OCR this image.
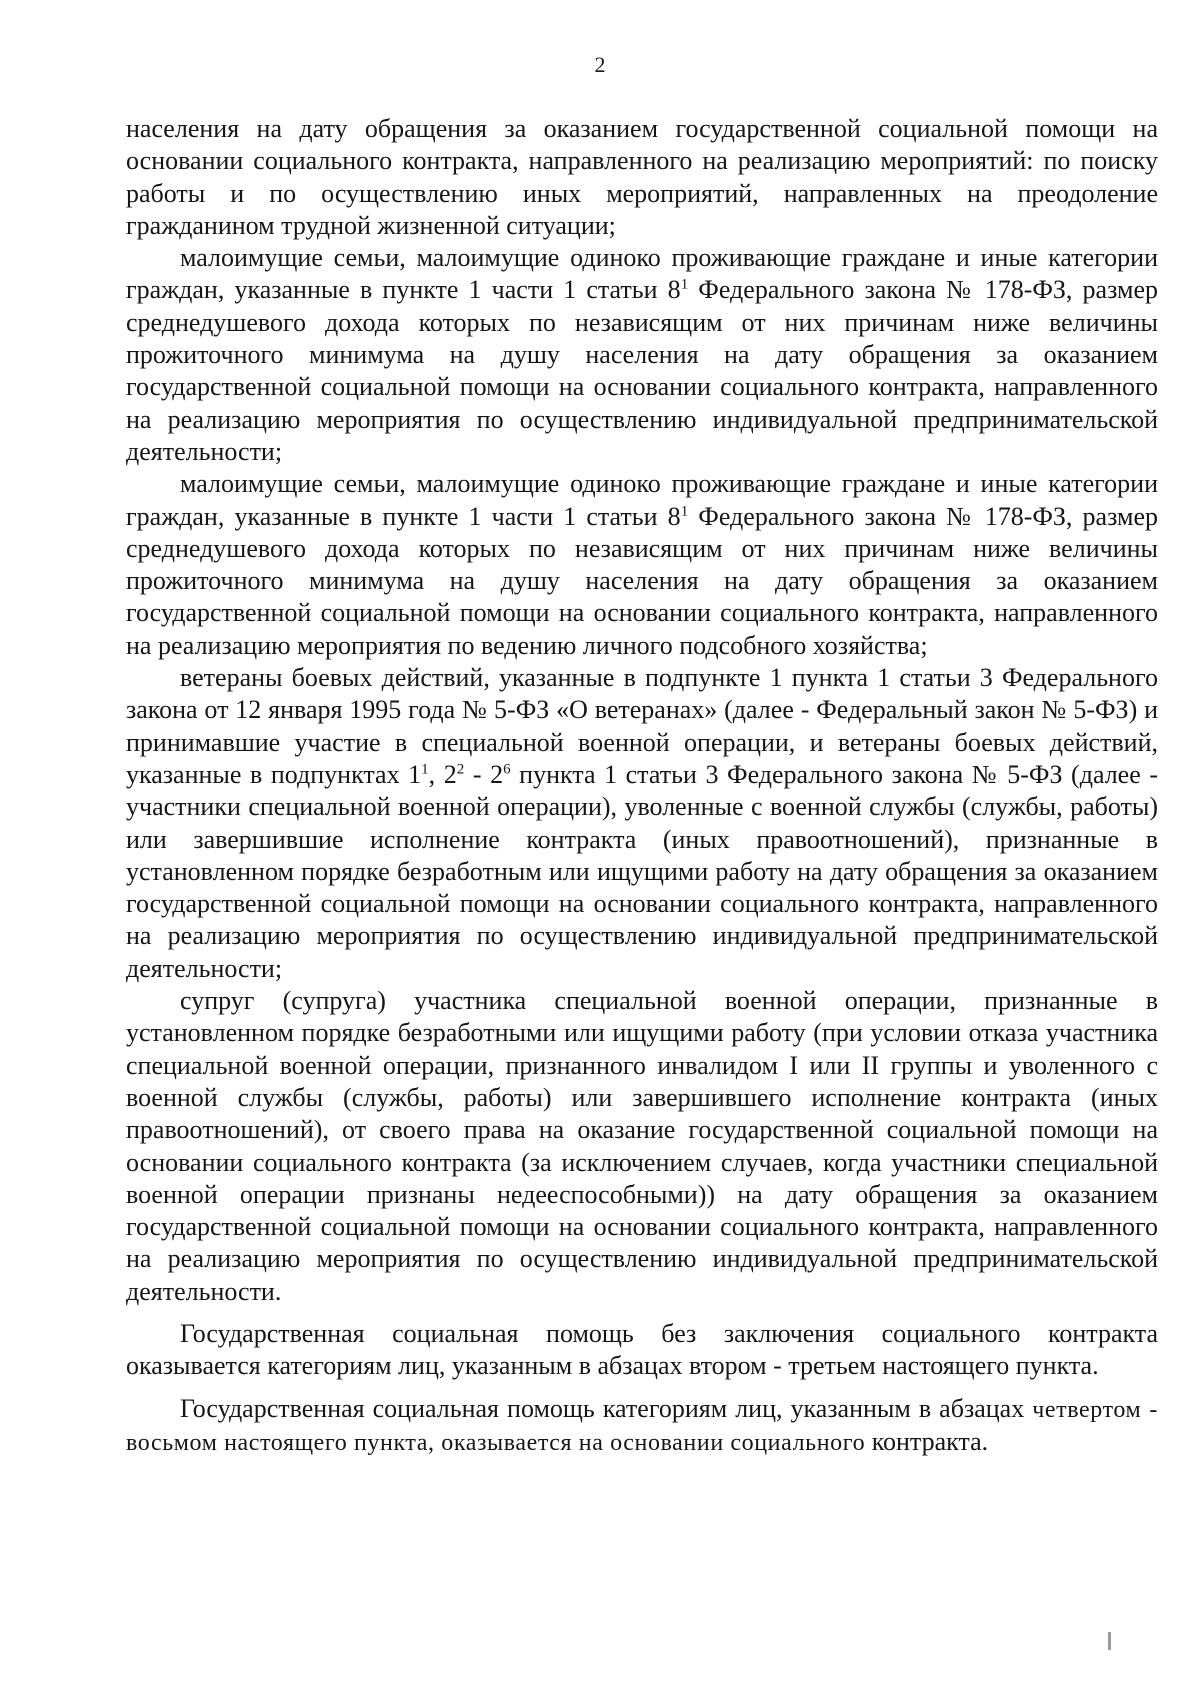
2

населения на дату обращения за оказанием государственной социальной помощи на основании социального контракта, направленного на реализацию мероприятий: по поиску работы и по осуществлению иных мероприятий, направленных на преодоление гражданином трудной жизненной ситуации;

малоимущие семьи, малоимущие одиноко проживающие граждане и иные категории граждан, указанные в пункте 1 части 1 статьи $8^1$ Федерального закона № 178-ФЗ, размер среднедушевого дохода которых по независящим от них причинам ниже величины прожиточного минимума на душу населения на дату обращения за оказанием государственной социальной помощи на основании социального контракта, направленного на реализацию мероприятия по осуществлению индивидуальной предпринимательской деятельности;

малоимущие семьи, малоимущие одиноко проживающие граждане и иные категории граждан, указанные в пункте 1 части 1 статьи $8^1$ Федерального закона № 178-ФЗ, размер среднедушевого дохода которых по независящим от них причинам ниже величины прожиточного минимума на душу населения на дату обращения за оказанием государственной социальной помощи на основании социального контракта, направленного на реализацию мероприятия по ведению личного подсобного хозяйства;

ветераны боевых действий, указанные в подпункте 1 пункта 1 статьи 3 Федерального закона от 12 января 1995 года № 5-ФЗ «О ветеранах» (далее - Федеральный закон № 5-ФЗ) и принимавшие участие в специальной военной операции, и ветераны боевых действий, указанные в подпунктах $1^1$, $2^2 - 2^6$ пункта 1 статьи 3 Федерального закона № 5-ФЗ (далее - участники специальной военной операции), уволенные с военной службы (службы, работы) или завершившие исполнение контракта (иных правоотношений), признанные в установленном порядке безработным или ищущими работу на дату обращения за оказанием государственной социальной помощи на основании социального контракта, направленного на реализацию мероприятия по осуществлению индивидуальной предпринимательской деятельности;

супруг (супруга) участника специальной военной операции, признанные в установленном порядке безработными или ищущими работу (при условии отказа участника специальной военной операции, признанного инвалидом I или II группы и уволенного с военной службы (службы, работы) или завершившего исполнение контракта (иных правоотношений), от своего права на оказание государственной социальной помощи на основании социального контракта (за исключением случаев, когда участники специальной военной операции признаны недееспособными)) на дату обращения за оказанием государственной социальной помощи на основании социального контракта, направленного на реализацию мероприятия по осуществлению индивидуальной предпринимательской деятельности.

Государственная социальная помощь без заключения социального контракта оказывается категориям лиц, указанным в абзацах втором - третьем настоящего пункта.

Государственная социальная помощь категориям лиц, указанным в абзацах четвертом - восьмом настоящего пункта, оказывается на основании социального контракта.
